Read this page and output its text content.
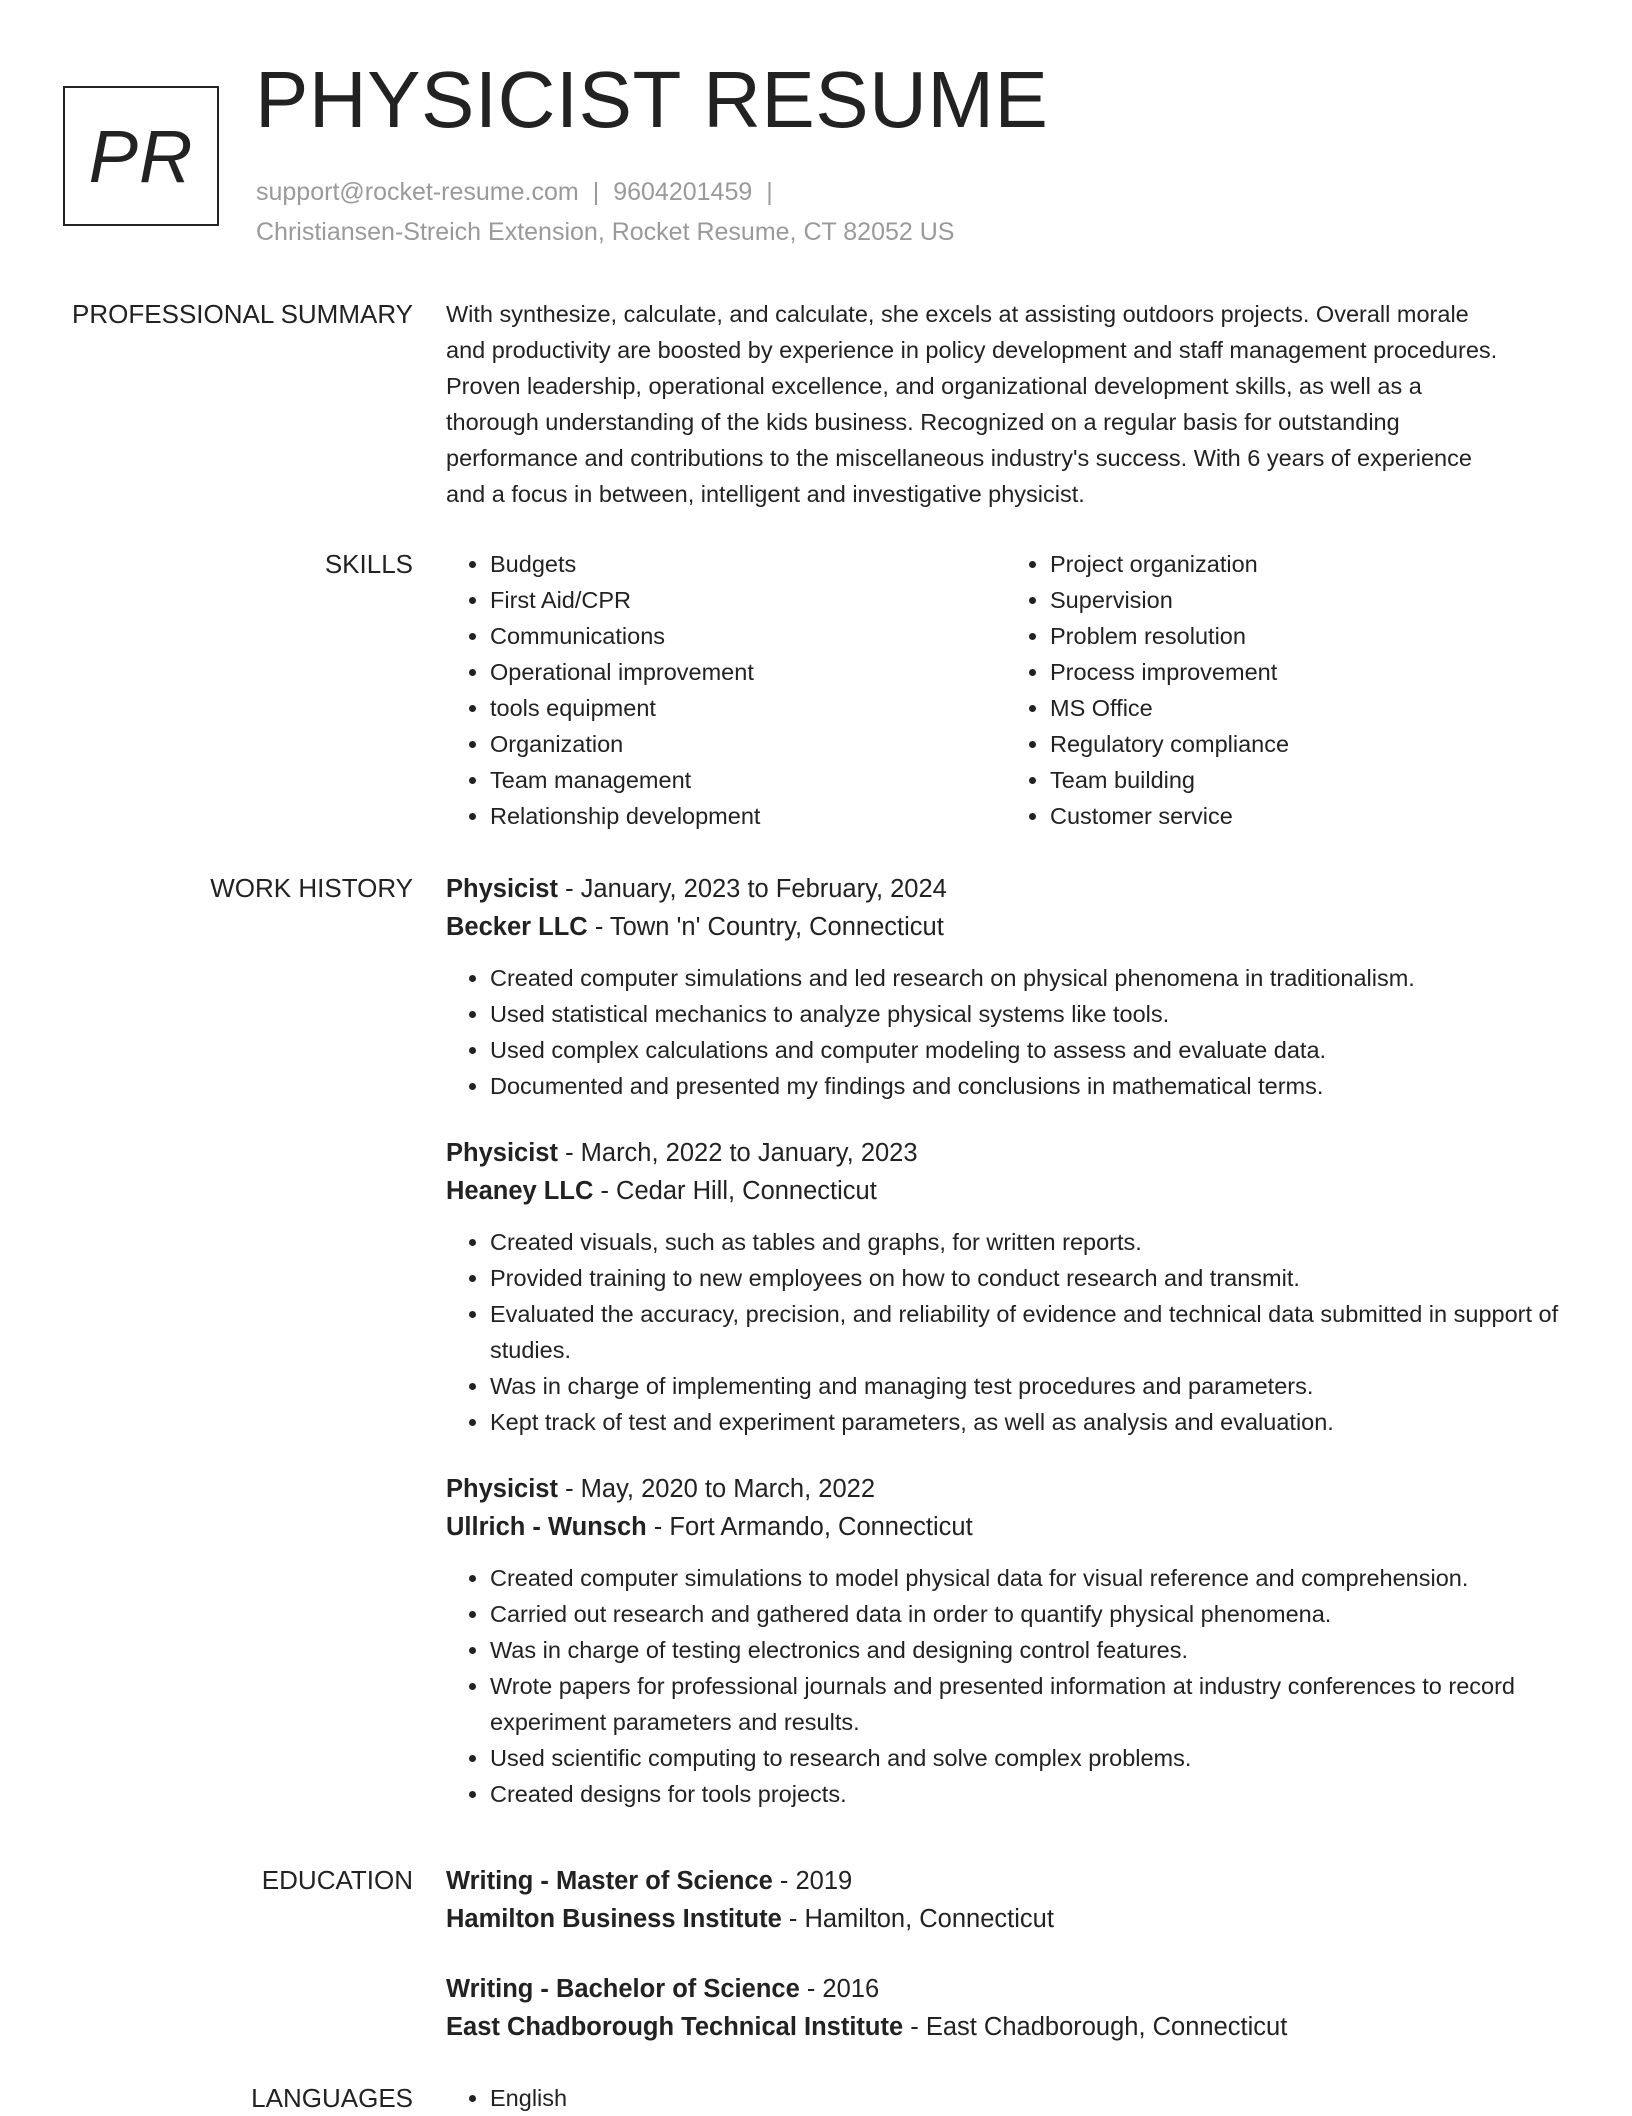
PR
PHYSICIST RESUME
support@rocket-resume.com | 9604201459 |
Christiansen-Streich Extension, Rocket Resume, CT 82052 US
PROFESSIONAL SUMMARY With synthesize, calculate, and calculate, she excels at assisting outdoors projects. Overall morale
and productivity are boosted by experience in policy development and staff management procedures.
Proven leadership, operational excellence, and organizational development skills, as well as a
thorough understanding of the kids business. Recognized on a regular basis for outstanding
performance and contributions to the miscellaneous industry's success. With 6 years of experience
and a focus in between, intelligent and investigative physicist.
SKILLS	• Budgets
• First Aid/CPR
• Communications
• Operational improvement
• tools equipment
• Organization
• Team management
• Relationship development
• Project organization
• Supervision
• Problem resolution
• Process improvement
• MS Office
• Regulatory compliance
• Team building
• Customer service
WORK HISTORY Physicist - January, 2023 to February, 2024
Becker LLC - Town 'n' Country, Connecticut
• Created computer simulations and led research on physical phenomena in traditionalism.
• Used statistical mechanics to analyze physical systems like tools.
• Used complex calculations and computer modeling to assess and evaluate data.
• Documented and presented my findings and conclusions in mathematical terms.
Physicist - March, 2022 to January, 2023
Heaney LLC - Cedar Hill, Connecticut
• Created visuals, such as tables and graphs, for written reports.
• Provided training to new employees on how to conduct research and transmit.
• Evaluated the accuracy, precision, and reliability of evidence and technical data submitted in support of studies.
• Was in charge of implementing and managing test procedures and parameters.
• Kept track of test and experiment parameters, as well as analysis and evaluation.
Physicist - May, 2020 to March, 2022
Ullrich - Wunsch - Fort Armando, Connecticut
• Created computer simulations to model physical data for visual reference and comprehension.
• Carried out research and gathered data in order to quantify physical phenomena.
• Was in charge of testing electronics and designing control features.
• Wrote papers for professional journals and presented information at industry conferences to record experiment parameters and results.
• Used scientific computing to research and solve complex problems.
• Created designs for tools projects.
EDUCATION Writing - Master of Science - 2019
Hamilton Business Institute - Hamilton, Connecticut
Writing - Bachelor of Science - 2016
East Chadborough Technical Institute - East Chadborough, Connecticut
LANGUAGES	• English
